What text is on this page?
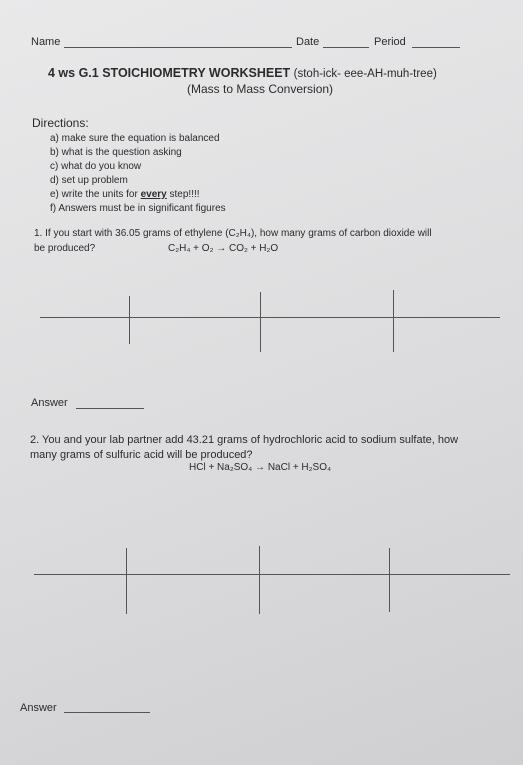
Name	Date	Period
4 ws G.1 STOICHIOMETRY WORKSHEET (stoh-ick- eee-AH-muh-tree)
(Mass to Mass Conversion)
Directions:
a) make sure the equation is balanced
b) what is the question asking
c) what do you know
d) set up problem
e) write the units for every step!!!!
f) Answers must be in significant figures
1. If you start with 36.05 grams of ethylene (C₂H₄), how many grams of carbon dioxide will
be produced?	C₂H₄ + O₂ → CO₂ + H₂O
Answer
2. You and your lab partner add 43.21 grams of hydrochloric acid to sodium sulfate, how
many grams of sulfuric acid will be produced?
HCl + Na₂SO₄ → NaCl + H₂SO₄
Answer
